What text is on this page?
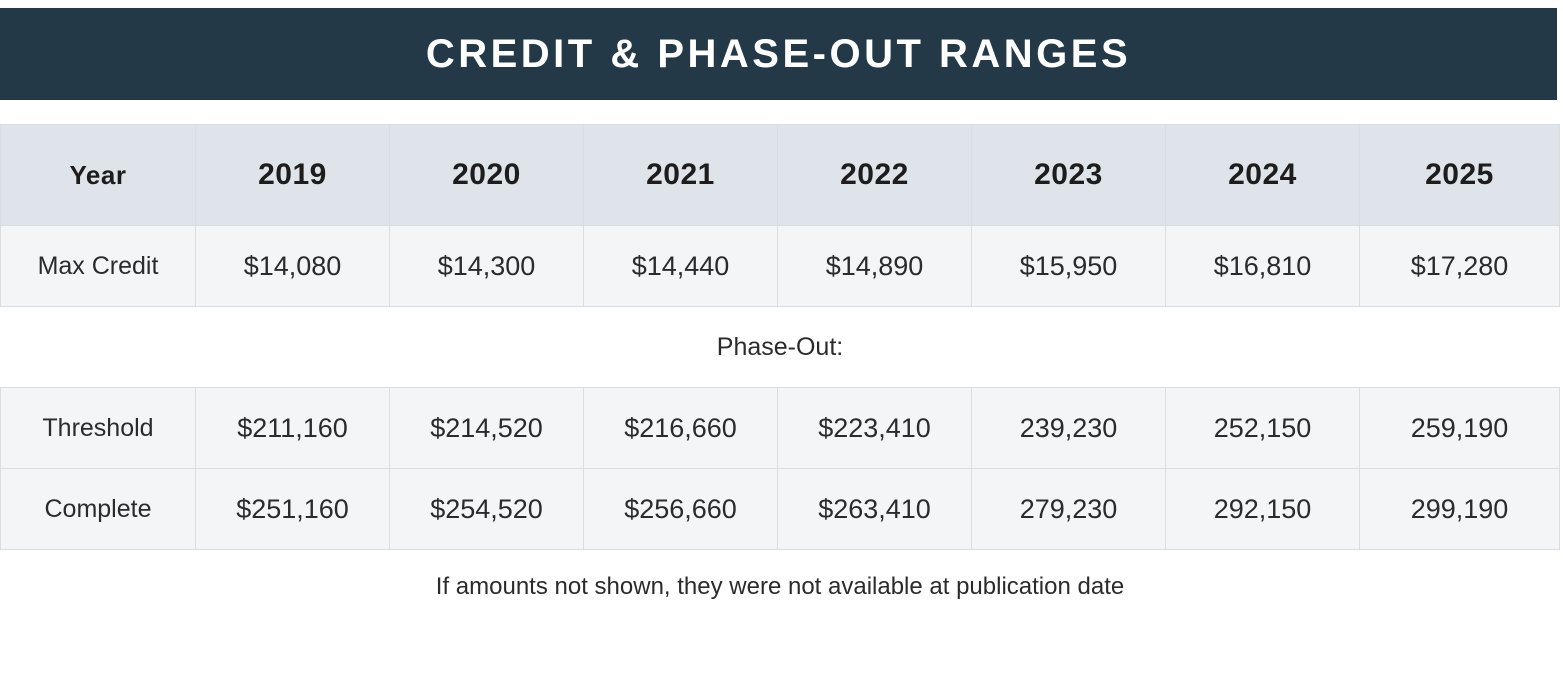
CREDIT & PHASE-OUT RANGES

Year	2019	2020	2021	2022	2023	2024	2025
Max Credit	$14,080	$14,300	$14,440	$14,890	$15,950	$16,810	$17,280
Phase-Out:							
Threshold	$211,160	$214,520	$216,660	$223,410	239,230	252,150	259,190
Complete	$251,160	$254,520	$256,660	$263,410	279,230	292,150	299,190
If amounts not shown, they were not available at publication date							
